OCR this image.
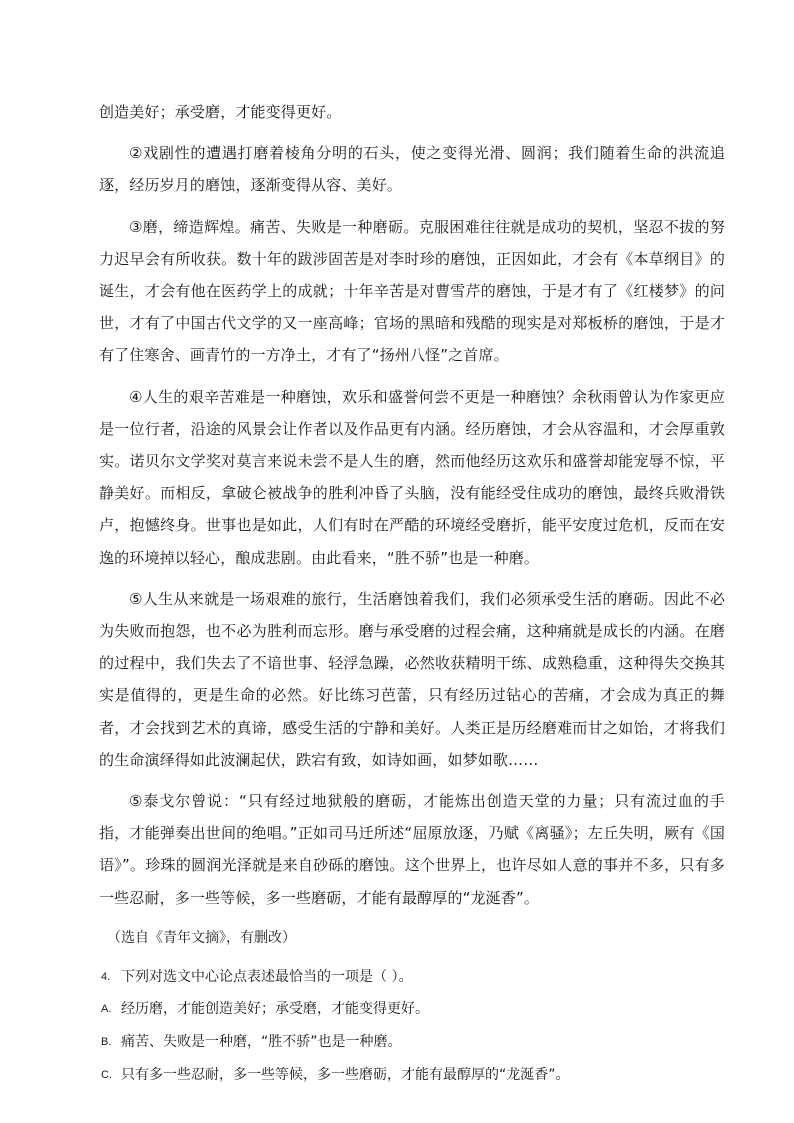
创造美好；承受磨，才能变得更好。

②戏剧性的遭遇打磨着棱角分明的石头，使之变得光滑、圆润；我们随着生命的洪流追逐，经历岁月的磨蚀，逐渐变得从容、美好。

③磨，缔造辉煌。痛苦、失败是一种磨砺。克服困难往往就是成功的契机，坚忍不拔的努力迟早会有所收获。数十年的跋涉固苦是对李时珍的磨蚀，正因如此，才会有《本草纲目》的诞生，才会有他在医药学上的成就；十年辛苦是对曹雪芹的磨蚀，于是才有了《红楼梦》的问世，才有了中国古代文学的又一座高峰；官场的黑暗和残酷的现实是对郑板桥的磨蚀，于是才有了住寒舍、画青竹的一方净土，才有了“扬州八怪”之首席。

④人生的艰辛苦难是一种磨蚀，欢乐和盛誉何尝不更是一种磨蚀？余秋雨曾认为作家更应是一位行者，沿途的风景会让作者以及作品更有内涵。经历磨蚀，才会从容温和，才会厚重敦实。诺贝尔文学奖对莫言来说未尝不是人生的磨，然而他经历这欢乐和盛誉却能宠辱不惊，平静美好。而相反，拿破仑被战争的胜利冲昏了头脑，没有能经受住成功的磨蚀，最终兵败滑铁卢，抱憾终身。世事也是如此，人们有时在严酷的环境经受磨折，能平安度过危机，反而在安逸的环境掉以轻心，酿成悲剧。由此看来，“胜不骄”也是一种磨。

⑤人生从来就是一场艰难的旅行，生活磨蚀着我们，我们必须承受生活的磨砺。因此不必为失败而抱怨，也不必为胜利而忘形。磨与承受磨的过程会痛，这种痛就是成长的内涵。在磨的过程中，我们失去了不谙世事、轻浮急躁，必然收获精明干练、成熟稳重，这种得失交换其实是值得的，更是生命的必然。好比练习芭蕾，只有经历过钻心的苦痛，才会成为真正的舞者，才会找到艺术的真谛，感受生活的宁静和美好。人类正是历经磨难而甘之如饴，才将我们的生命演绎得如此波澜起伏，跌宕有致，如诗如画，如梦如歌……

⑤泰戈尔曾说：“只有经过地狱般的磨砺，才能炼出创造天堂的力量；只有流过血的手指，才能弹奏出世间的绝唱。”正如司马迁所述“屈原放逐，乃赋《离骚》；左丘失明，厥有《国语》”。珍珠的圆润光泽就是来自砂砾的磨蚀。这个世界上，也许尽如人意的事并不多，只有多一些忍耐，多一些等候，多一些磨砺，才能有最醇厚的“龙涎香”。

（选自《青年文摘》，有删改）

4. 下列对选文中心论点表述最恰当的一项是（ ）。
A. 经历磨，才能创造美好；承受磨，才能变得更好。
B. 痛苦、失败是一种磨，“胜不骄”也是一种磨。
C. 只有多一些忍耐，多一些等候，多一些磨砺，才能有最醇厚的“龙涎香”。
